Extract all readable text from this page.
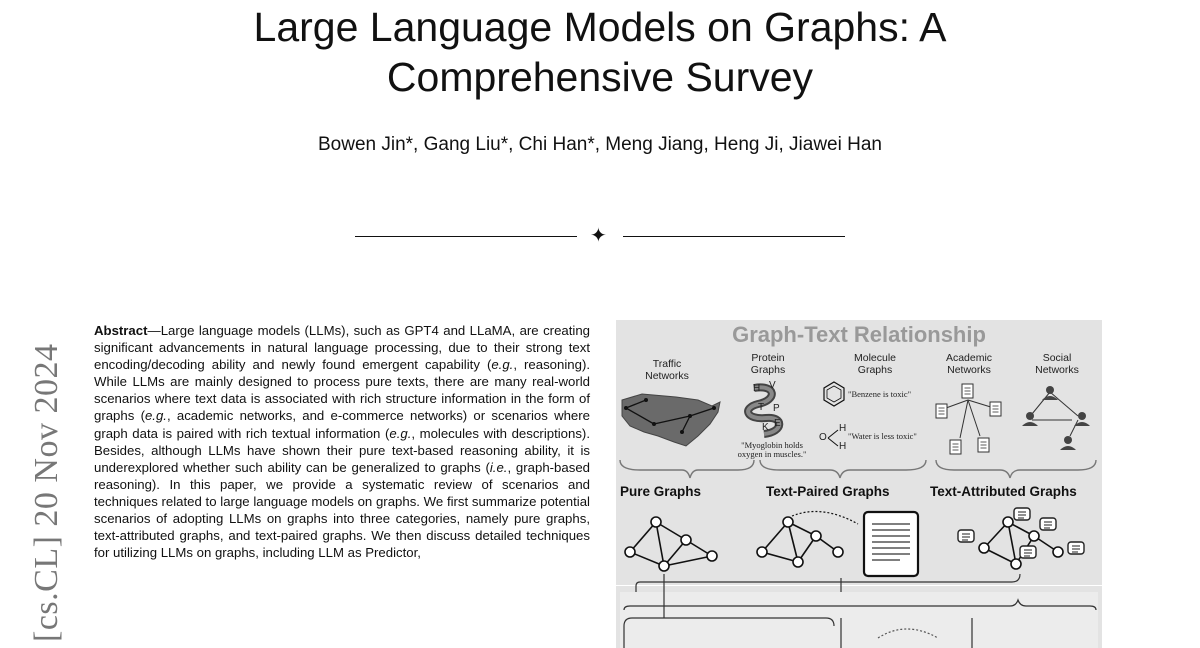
Large Language Models on Graphs: A
Comprehensive Survey
Bowen Jin*, Gang Liu*, Chi Han*, Meng Jiang, Heng Ji, Jiawei Han
✦
[cs.CL] 20 Nov 2024
Abstract—Large language models (LLMs), such as GPT4 and LLaMA, are creating significant advancements in natural language processing, due to their strong text encoding/decoding ability and newly found emergent capability (e.g., reasoning). While LLMs are mainly designed to process pure texts, there are many real-world scenarios where text data is associated with rich structure information in the form of graphs (e.g., academic networks, and e-commerce networks) or scenarios where graph data is paired with rich textual information (e.g., molecules with descriptions). Besides, although LLMs have shown their pure text-based reasoning ability, it is underexplored whether such ability can be generalized to graphs (i.e., graph-based reasoning). In this paper, we provide a systematic review of scenarios and techniques related to large language models on graphs. We first summarize potential scenarios of adopting LLMs on graphs into three categories, namely pure graphs, text-attributed graphs, and text-paired graphs. We then discuss detailed techniques for utilizing LLMs on graphs, including LLM as Predictor,
Graph-Text Relationship
Traffic
Networks
Protein
Graphs
Molecule
Graphs
Academic
Networks
Social
Networks
H V
T P
K E
O
H
H
"Benzene is toxic"
"Water is less toxic"
"Myoglobin holds
oxygen in muscles."
Pure Graphs	Text-Paired Graphs	Text-Attributed Graphs
